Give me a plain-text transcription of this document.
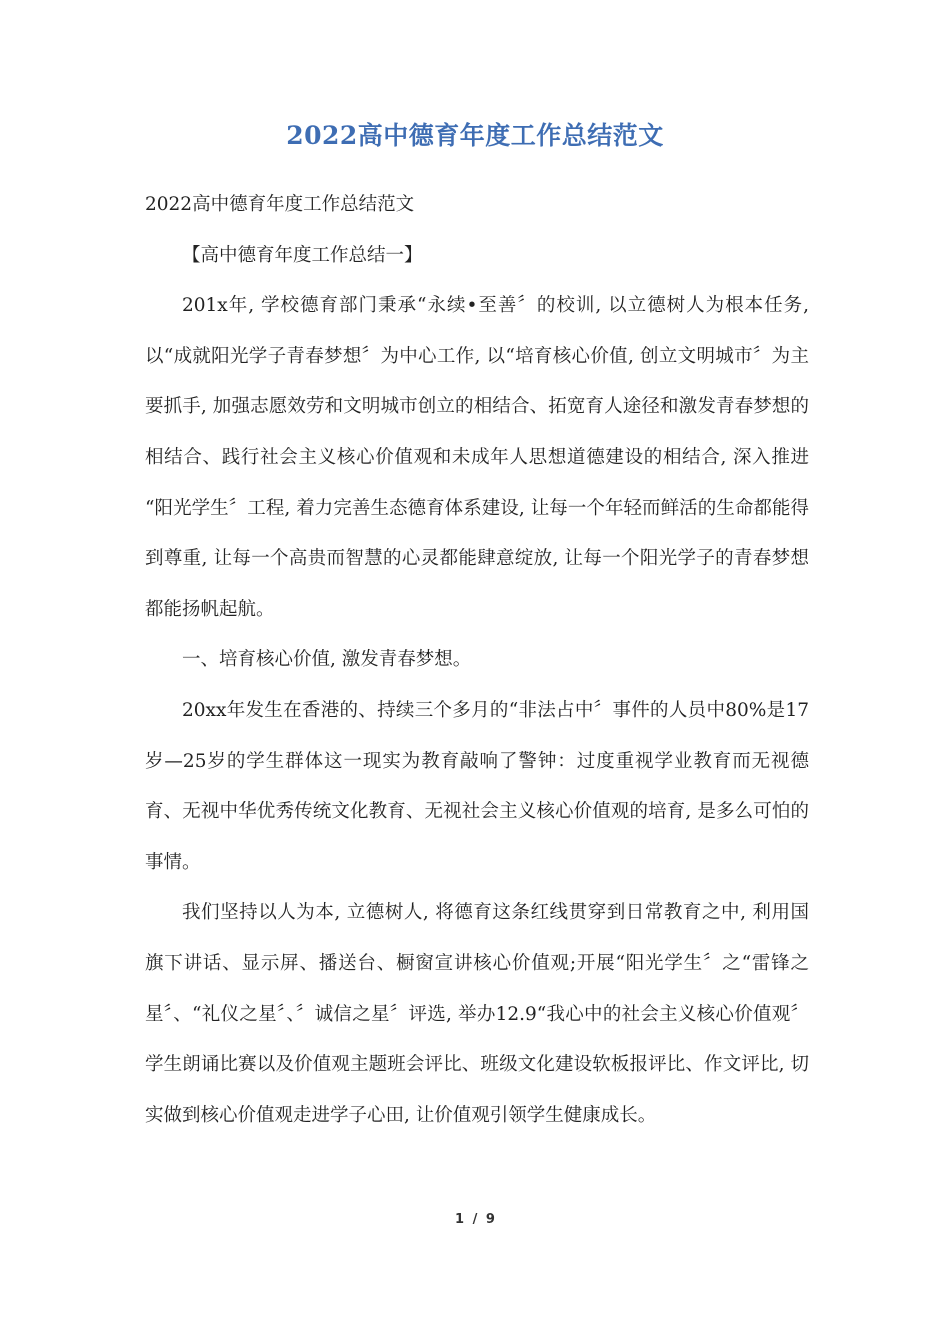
2022高中德育年度工作总结范文

2022高中德育年度工作总结范文

【高中德育年度工作总结一】

201x年, 学校德育部门秉承“永续•至善〞的校训, 以立德树人为根本任务, 以“成就阳光学子青春梦想〞为中心工作, 以“培育核心价值, 创立文明城市〞为主要抓手, 加强志愿效劳和文明城市创立的相结合、拓宽育人途径和激发青春梦想的相结合、践行社会主义核心价值观和未成年人思想道德建设的相结合, 深入推进 “阳光学生〞工程, 着力完善生态德育体系建设, 让每一个年轻而鲜活的生命都能得到尊重, 让每一个高贵而智慧的心灵都能肆意绽放, 让每一个阳光学子的青春梦想都能扬帆起航。

一、培育核心价值, 激发青春梦想。

20xx年发生在香港的、持续三个多月的“非法占中〞事件的人员中80%是17岁—25岁的学生群体这一现实为教育敲响了警钟：过度重视学业教育而无视德育、无视中华优秀传统文化教育、无视社会主义核心价值观的培育, 是多么可怕的事情。

我们坚持以人为本, 立德树人, 将德育这条红线贯穿到日常教育之中, 利用国旗下讲话、显示屏、播送台、橱窗宣讲核心价值观;开展“阳光学生〞之“雷锋之星〞、“礼仪之星〞、〞诚信之星〞评选, 举办12.9“我心中的社会主义核心价值观〞学生朗诵比赛以及价值观主题班会评比、班级文化建设软板报评比、作文评比, 切实做到核心价值观走进学子心田, 让价值观引领学生健康成长。

1 / 9
